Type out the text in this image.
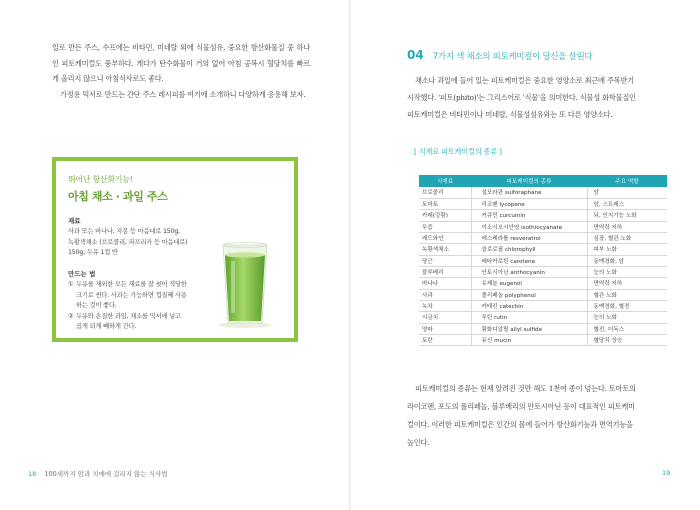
일로 만든 주스, 수프에는 비타민, 미네랄 외에 식물섬유, 중요한 항산화물질 중 하나인 피토케미컬도 풍부하다. 게다가 탄수화물이 거의 없어 아침 공복시 혈당치를 빠르게 올리지 않으니 아침식사로도 좋다.

가정용 믹서로 만드는 간단 주스 레시피를 여기에 소개하니 다양하게 응용해 보자.

뛰어난 항산화기능!
아침 채소 · 과일 주스
재료
사과 또는 바나나, 자몽 등 마음대로 150g,
녹황색채소 (브로콜리, 파프리카 등 마음대로)
150g, 두유 1컵 반
만드는 법
① 두유를 제외한 모든 재료를 잘 씻어 적당한
크기로 썬다. 사과는 가능하면 껍질째 사용
하는 것이 좋다.
② 두유와 손질한 과일, 채소를 믹서에 넣고
곱게 되게 빼하게 간다.
18 100세까지 암과 치매에 걸리지 않는 식사법
04 7가지 색 채소의 피토케미컬이 당신을 살린다
채소나 과일에 들어 있는 피토케미컬은 중요한 영양소로 최근에 주목받기
시작했다. '피토(phito)'는 그리스어로 '식물'을 의미한다. 식물성 화학물질인
피토케미컬은 비타민이나 미네랄, 식물성섬유와는 또 다른 영양소다.
[ 식재료 피토케미컬의 종류 ]
식재료	피토케미컬의 종류	주요 역할
브로콜리	설포라판 sulforaphane	암
토마토	리코펜 lycopene	암, 스트레스
카레(강황)	커큐민 curcumin	뇌, 인지기능 노화
무즙	이소시오시안염 isothiocyanate	면역력 저하
레드와인	레스베라톨 resveratrol	심장, 혈관 노화
녹황색채소	클로로필 chlorophyll	피부 노화
당근	베타카로틴 carotene	동맥경화, 암
블루베리	안토시아닌 anthocyanin	눈의 노화
바나나	유제놀 eugenol	면역력 저하
사과	폴리페놀 polyphenol	혈관 노화
녹차	카테킨 catechin	동맥경화, 혈전
시금치	루틴 rutin	눈의 노화
양파	황화디알릴 allyl sulfide	혈전, 더독스
토란	뮤신 mucin	혈당치 상승
피토케미컬의 종류는 현재 알려진 것만 해도 1천여 종이 넘는다. 토마토의
라이코펜, 포도의 폴리페놀, 블루베리의 안토시아닌 등이 대표적인 피토케미
컬이다. 이러한 피토케미컬은 인간의 몸에 들어가 항산화기능과 면역기능을
높인다.
19
